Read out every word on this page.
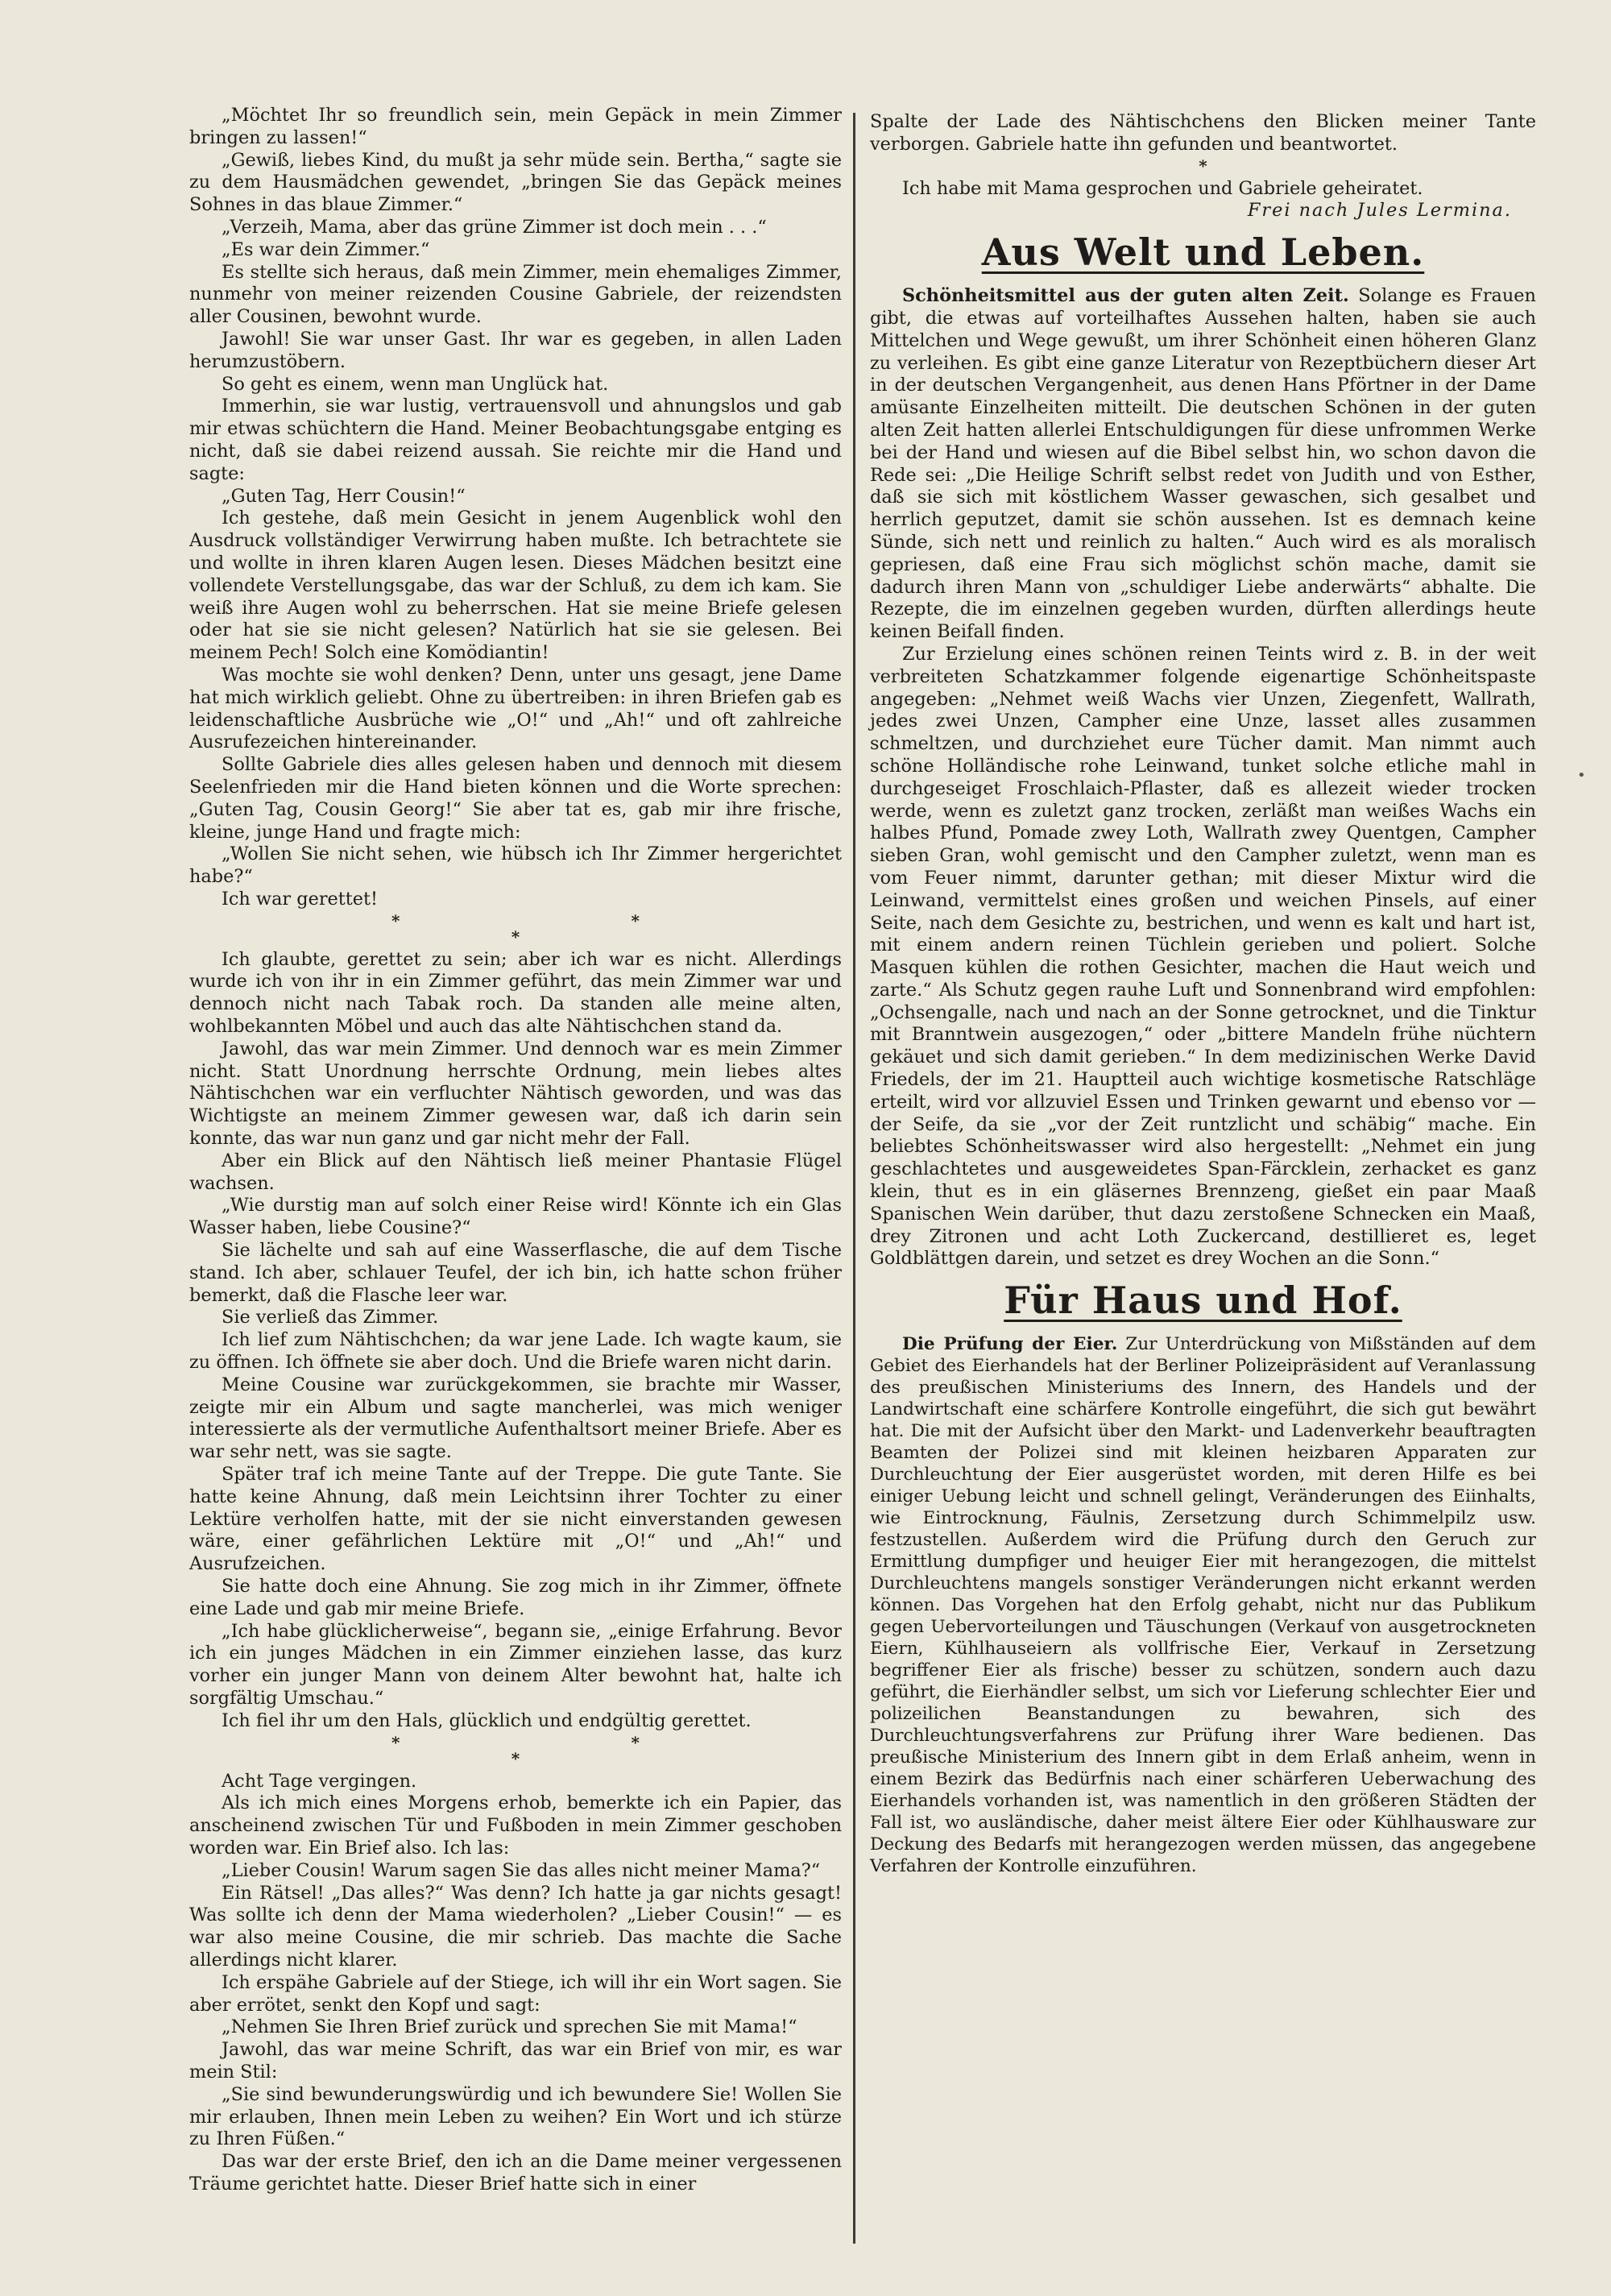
„Möchtet Ihr so freundlich sein, mein Gepäck in mein Zimmer bringen zu lassen!“

„Gewiß, liebes Kind, du mußt ja sehr müde sein. Bertha,“ sagte sie zu dem Hausmädchen gewendet, „bringen Sie das Gepäck meines Sohnes in das blaue Zimmer.“

„Verzeih, Mama, aber das grüne Zimmer ist doch mein . . .“

„Es war dein Zimmer.“

Es stellte sich heraus, daß mein Zimmer, mein ehemaliges Zimmer, nunmehr von meiner reizenden Cousine Gabriele, der reizendsten aller Cousinen, bewohnt wurde.

Jawohl! Sie war unser Gast. Ihr war es gegeben, in allen Laden herumzustöbern.

So geht es einem, wenn man Unglück hat.

Immerhin, sie war lustig, vertrauensvoll und ahnungslos und gab mir etwas schüchtern die Hand. Meiner Beobachtungsgabe entging es nicht, daß sie dabei reizend aussah. Sie reichte mir die Hand und sagte:

„Guten Tag, Herr Cousin!“

Ich gestehe, daß mein Gesicht in jenem Augenblick wohl den Ausdruck vollständiger Verwirrung haben mußte. Ich betrachtete sie und wollte in ihren klaren Augen lesen. Dieses Mädchen besitzt eine vollendete Verstellungsgabe, das war der Schluß, zu dem ich kam. Sie weiß ihre Augen wohl zu beherrschen. Hat sie meine Briefe gelesen oder hat sie sie nicht gelesen? Natürlich hat sie sie gelesen. Bei meinem Pech! Solch eine Komödiantin!

Was mochte sie wohl denken? Denn, unter uns gesagt, jene Dame hat mich wirklich geliebt. Ohne zu übertreiben: in ihren Briefen gab es leidenschaftliche Ausbrüche wie „O!“ und „Ah!“ und oft zahlreiche Ausrufezeichen hintereinander.

Sollte Gabriele dies alles gelesen haben und dennoch mit diesem Seelenfrieden mir die Hand bieten können und die Worte sprechen: „Guten Tag, Cousin Georg!“ Sie aber tat es, gab mir ihre frische, kleine, junge Hand und fragte mich:

„Wollen Sie nicht sehen, wie hübsch ich Ihr Zimmer hergerichtet habe?“

Ich war gerettet!

* * *

Ich glaubte, gerettet zu sein; aber ich war es nicht. Allerdings wurde ich von ihr in ein Zimmer geführt, das mein Zimmer war und dennoch nicht nach Tabak roch. Da standen alle meine alten, wohlbekannten Möbel und auch das alte Nähtischchen stand da.

Jawohl, das war mein Zimmer. Und dennoch war es mein Zimmer nicht. Statt Unordnung herrschte Ordnung, mein liebes altes Nähtischchen war ein verfluchter Nähtisch geworden, und was das Wichtigste an meinem Zimmer gewesen war, daß ich darin sein konnte, das war nun ganz und gar nicht mehr der Fall.

Aber ein Blick auf den Nähtisch ließ meiner Phantasie Flügel wachsen.

„Wie durstig man auf solch einer Reise wird! Könnte ich ein Glas Wasser haben, liebe Cousine?“

Sie lächelte und sah auf eine Wasserflasche, die auf dem Tische stand. Ich aber, schlauer Teufel, der ich bin, ich hatte schon früher bemerkt, daß die Flasche leer war.

Sie verließ das Zimmer.

Ich lief zum Nähtischchen; da war jene Lade. Ich wagte kaum, sie zu öffnen. Ich öffnete sie aber doch. Und die Briefe waren nicht darin.

Meine Cousine war zurückgekommen, sie brachte mir Wasser, zeigte mir ein Album und sagte mancherlei, was mich weniger interessierte als der vermutliche Aufenthaltsort meiner Briefe. Aber es war sehr nett, was sie sagte.

Später traf ich meine Tante auf der Treppe. Die gute Tante. Sie hatte keine Ahnung, daß mein Leichtsinn ihrer Tochter zu einer Lektüre verholfen hatte, mit der sie nicht einverstanden gewesen wäre, einer gefährlichen Lektüre mit „O!“ und „Ah!“ und Ausrufzeichen.

Sie hatte doch eine Ahnung. Sie zog mich in ihr Zimmer, öffnete eine Lade und gab mir meine Briefe.

„Ich habe glücklicherweise“, begann sie, „einige Erfahrung. Bevor ich ein junges Mädchen in ein Zimmer einziehen lasse, das kurz vorher ein junger Mann von deinem Alter bewohnt hat, halte ich sorgfältig Umschau.“

Ich fiel ihr um den Hals, glücklich und endgültig gerettet.

* * *

Acht Tage vergingen.

Als ich mich eines Morgens erhob, bemerkte ich ein Papier, das anscheinend zwischen Tür und Fußboden in mein Zimmer geschoben worden war. Ein Brief also. Ich las:

„Lieber Cousin! Warum sagen Sie das alles nicht meiner Mama?“

Ein Rätsel! „Das alles?“ Was denn? Ich hatte ja gar nichts gesagt! Was sollte ich denn der Mama wiederholen? „Lieber Cousin!“ — es war also meine Cousine, die mir schrieb. Das machte die Sache allerdings nicht klarer.

Ich erspähe Gabriele auf der Stiege, ich will ihr ein Wort sagen. Sie aber errötet, senkt den Kopf und sagt:

„Nehmen Sie Ihren Brief zurück und sprechen Sie mit Mama!“

Jawohl, das war meine Schrift, das war ein Brief von mir, es war mein Stil:

„Sie sind bewunderungswürdig und ich bewundere Sie! Wollen Sie mir erlauben, Ihnen mein Leben zu weihen? Ein Wort und ich stürze zu Ihren Füßen.“

Das war der erste Brief, den ich an die Dame meiner vergessenen Träume gerichtet hatte. Dieser Brief hatte sich in einer

Spalte der Lade des Nähtischchens den Blicken meiner Tante verborgen. Gabriele hatte ihn gefunden und beantwortet.

*

Ich habe mit Mama gesprochen und Gabriele geheiratet.

Frei nach Jules Lermina.

Aus Welt und Leben.

Schönheitsmittel aus der guten alten Zeit. Solange es Frauen gibt, die etwas auf vorteilhaftes Aussehen halten, haben sie auch Mittelchen und Wege gewußt, um ihrer Schönheit einen höheren Glanz zu verleihen. Es gibt eine ganze Literatur von Rezeptbüchern dieser Art in der deutschen Vergangenheit, aus denen Hans Pförtner in der Dame amüsante Einzelheiten mitteilt. Die deutschen Schönen in der guten alten Zeit hatten allerlei Entschuldigungen für diese unfrommen Werke bei der Hand und wiesen auf die Bibel selbst hin, wo schon davon die Rede sei: „Die Heilige Schrift selbst redet von Judith und von Esther, daß sie sich mit köstlichem Wasser gewaschen, sich gesalbet und herrlich geputzet, damit sie schön aussehen. Ist es demnach keine Sünde, sich nett und reinlich zu halten.“ Auch wird es als moralisch gepriesen, daß eine Frau sich möglichst schön mache, damit sie dadurch ihren Mann von „schuldiger Liebe anderwärts“ abhalte. Die Rezepte, die im einzelnen gegeben wurden, dürften allerdings heute keinen Beifall finden.

Zur Erzielung eines schönen reinen Teints wird z. B. in der weit verbreiteten Schatzkammer folgende eigenartige Schönheitspaste angegeben: „Nehmet weiß Wachs vier Unzen, Ziegenfett, Wallrath, jedes zwei Unzen, Campher eine Unze, lasset alles zusammen schmeltzen, und durchziehet eure Tücher damit. Man nimmt auch schöne Holländische rohe Leinwand, tunket solche etliche mahl in durchgeseiget Froschlaich-Pflaster, daß es allezeit wieder trocken werde, wenn es zuletzt ganz trocken, zerläßt man weißes Wachs ein halbes Pfund, Pomade zwey Loth, Wallrath zwey Quentgen, Campher sieben Gran, wohl gemischt und den Campher zuletzt, wenn man es vom Feuer nimmt, darunter gethan; mit dieser Mixtur wird die Leinwand, vermittelst eines großen und weichen Pinsels, auf einer Seite, nach dem Gesichte zu, bestrichen, und wenn es kalt und hart ist, mit einem andern reinen Tüchlein gerieben und poliert. Solche Masquen kühlen die rothen Gesichter, machen die Haut weich und zarte.“ Als Schutz gegen rauhe Luft und Sonnenbrand wird empfohlen: „Ochsengalle, nach und nach an der Sonne getrocknet, und die Tinktur mit Branntwein ausgezogen,“ oder „bittere Mandeln frühe nüchtern gekäuet und sich damit gerieben.“ In dem medizinischen Werke David Friedels, der im 21. Hauptteil auch wichtige kosmetische Ratschläge erteilt, wird vor allzuviel Essen und Trinken gewarnt und ebenso vor — der Seife, da sie „vor der Zeit runtzlicht und schäbig“ mache. Ein beliebtes Schönheitswasser wird also hergestellt: „Nehmet ein jung geschlachtetes und ausgeweidetes Span-Färcklein, zerhacket es ganz klein, thut es in ein gläsernes Brennzeng, gießet ein paar Maaß Spanischen Wein darüber, thut dazu zerstoßene Schnecken ein Maaß, drey Zitronen und acht Loth Zuckercand, destillieret es, leget Goldblättgen darein, und setzet es drey Wochen an die Sonn.“

Für Haus und Hof.

Die Prüfung der Eier. Zur Unterdrückung von Mißständen auf dem Gebiet des Eierhandels hat der Berliner Polizeipräsident auf Veranlassung des preußischen Ministeriums des Innern, des Handels und der Landwirtschaft eine schärfere Kontrolle eingeführt, die sich gut bewährt hat. Die mit der Aufsicht über den Markt- und Ladenverkehr beauftragten Beamten der Polizei sind mit kleinen heizbaren Apparaten zur Durchleuchtung der Eier ausgerüstet worden, mit deren Hilfe es bei einiger Uebung leicht und schnell gelingt, Veränderungen des Eiinhalts, wie Eintrocknung, Fäulnis, Zersetzung durch Schimmelpilz usw. festzustellen. Außerdem wird die Prüfung durch den Geruch zur Ermittlung dumpfiger und heuiger Eier mit herangezogen, die mittelst Durchleuchtens mangels sonstiger Veränderungen nicht erkannt werden können. Das Vorgehen hat den Erfolg gehabt, nicht nur das Publikum gegen Uebervorteilungen und Täuschungen (Verkauf von ausgetrockneten Eiern, Kühlhauseiern als vollfrische Eier, Verkauf in Zersetzung begriffener Eier als frische) besser zu schützen, sondern auch dazu geführt, die Eierhändler selbst, um sich vor Lieferung schlechter Eier und polizeilichen Beanstandungen zu bewahren, sich des Durchleuchtungsverfahrens zur Prüfung ihrer Ware bedienen. Das preußische Ministerium des Innern gibt in dem Erlaß anheim, wenn in einem Bezirk das Bedürfnis nach einer schärferen Ueberwachung des Eierhandels vorhanden ist, was namentlich in den größeren Städten der Fall ist, wo ausländische, daher meist ältere Eier oder Kühlhausware zur Deckung des Bedarfs mit herangezogen werden müssen, das angegebene Verfahren der Kontrolle einzuführen.

•
